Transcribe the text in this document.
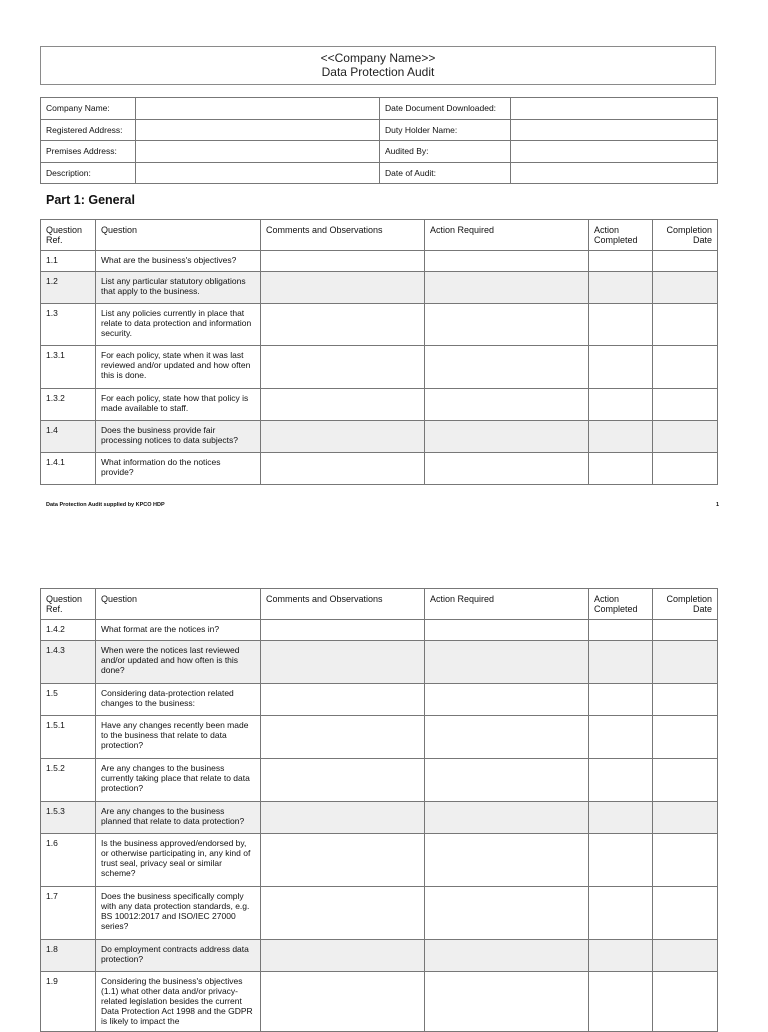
<<Company Name>>
Data Protection Audit
Company Name:		Date Document Downloaded:	
Registered Address:		Duty Holder Name:	
Premises Address:		Audited By:	
Description:		Date of Audit:	
Part 1: General
Question Ref.	Question	Comments and Observations	Action Required	Action Completed	Completion Date
1.1	What are the business's objectives?				
1.2	List any particular statutory obligations that apply to the business.				
1.3	List any policies currently in place that relate to data protection and information security.				
1.3.1	For each policy, state when it was last reviewed and/or updated and how often this is done.				
1.3.2	For each policy, state how that policy is made available to staff.				
1.4	Does the business provide fair processing notices to data subjects?				
1.4.1	What information do the notices provide?				
Data Protection Audit supplied by KPCO HDP	1
Question Ref.	Question	Comments and Observations	Action Required	Action Completed	Completion Date
1.4.2	What format are the notices in?				
1.4.3	When were the notices last reviewed and/or updated and how often is this done?				
1.5	Considering data-protection related changes to the business:				
1.5.1	Have any changes recently been made to the business that relate to data protection?				
1.5.2	Are any changes to the business currently taking place that relate to data protection?				
1.5.3	Are any changes to the business planned that relate to data protection?				
1.6	Is the business approved/endorsed by, or otherwise participating in, any kind of trust seal, privacy seal or similar scheme?				
1.7	Does the business specifically comply with any data protection standards, e.g. BS 10012:2017 and ISO/IEC 27000 series?				
1.8	Do employment contracts address data protection?				
1.9	Considering the business's objectives (1.1) what other data and/or privacy-related legislation besides the current Data Protection Act 1998 and the GDPR is likely to impact the				
